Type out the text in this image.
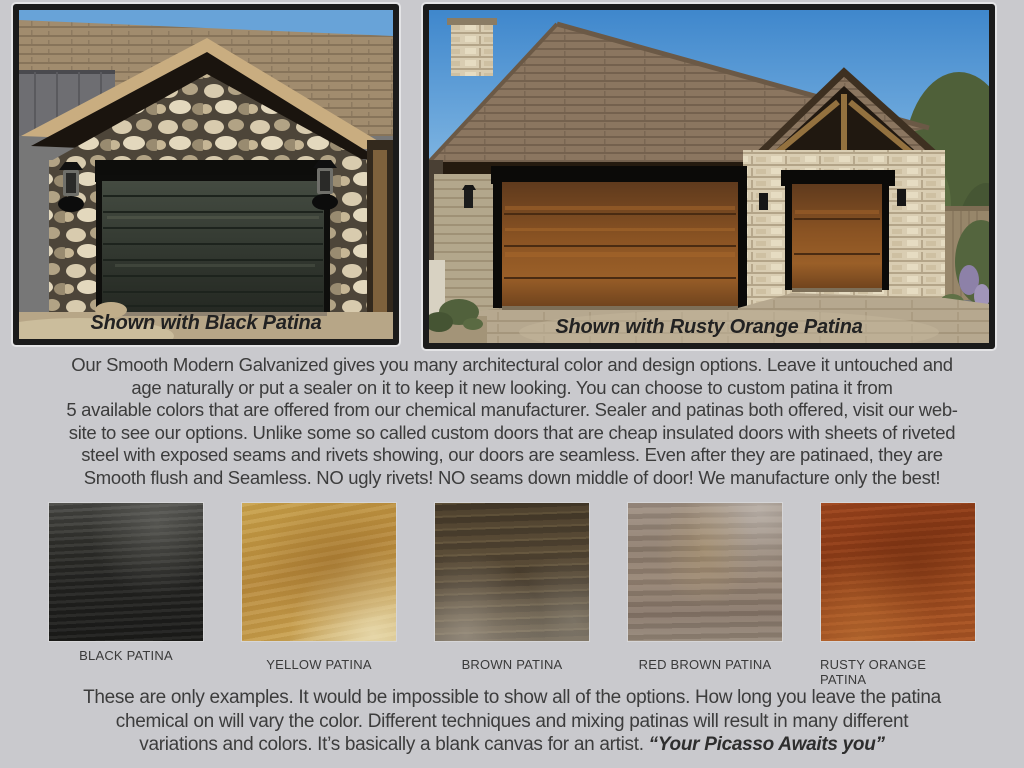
Shown with Black Patina	Shown with Rusty Orange Patina
Our Smooth Modern Galvanized gives you many architectural color and design options. Leave it untouched and
age naturally or put a sealer on it to keep it new looking. You can choose to custom patina it from
5 available colors that are offered from our chemical manufacturer. Sealer and patinas both offered, visit our web-
site to see our options. Unlike some so called custom doors that are cheap insulated doors with sheets of riveted
steel with exposed seams and rivets showing, our doors are seamless. Even after they are patinaed, they are
Smooth flush and Seamless. NO ugly rivets! NO seams down middle of door! We manufacture only the best!
BLACK PATINA
YELLOW PATINA	BROWN PATINA	RED BROWN PATINA	RUSTY ORANGE PATINA
These are only examples. It would be impossible to show all of the options. How long you leave the patina
chemical on will vary the color. Different techniques and mixing patinas will result in many different
variations and colors. It’s basically a blank canvas for an artist. “Your Picasso Awaits you”
